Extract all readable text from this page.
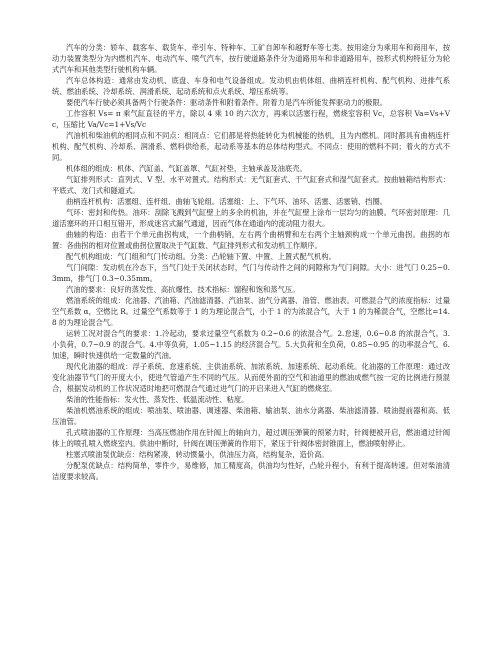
汽车的分类：轿车、载客车、载货车、牵引车、特种车、工矿自卸车和越野车等七类。按用途分为乘用车和商用车，按动力装置类型分为内燃机汽车、电动汽车、喷气汽车，按行驶道路条件分为道路用车和非道路用车，按形式机构特征分为轮式汽车和其他类型行驶机构车辆。

汽车总体构造：通常由发动机、底盘、车身和电气设备组成。发动机由机体组、曲柄连杆机构、配气机构、进排气系统、燃油系统、冷却系统、润滑系统、起动系统和点火系统、增压系统等。

要使汽车行驶必须具备两个行驶条件：驱动条件和附着条件。附着力是汽车所能发挥驱动力的极限。

工作容积 Vs= π 乘气缸直径的平方，除以 4 乘 10 的六次方，再乘以活塞行程，燃烧室容积 Vc，总容积 Va=Vs+Vc，压缩比 Va/Vc=1+Vs/Vc

汽油机和柴油机的相同点和不同点：相同点：它们都是将热能转化为机械能的热机，且为内燃机。同时都具有曲柄连杆机构、配气机构、冷却系、润滑系、燃料供给系，起动系等基本的总体结构型式。不同点：使用的燃料不同；着火的方式不同。

机体组的组成：机体、汽缸盖、气缸盖罩、气缸衬垫，主轴承盖及油底壳。

气缸排列形式：直列式、V 型、水平对置式。结构形式：无气缸套式、干气缸套式和湿气缸套式。按曲轴箱结构形式：平底式、龙门式和隧道式。

曲柄连杆机构：活塞组、连杆组、曲轴飞轮组。活塞组：上、下气环、油环、活塞、活塞销、挡圈。

气环：密封和传热。油环：刮除飞溅到气缸壁上的多余的机油，并在气缸壁上涂布一层均匀的油膜。气环密封原理：几道活塞环的开口相互错开，形成迷宫式漏气通道，因而气体在通道内的流动阻力很大。

曲轴的构造：由若干个单元曲拐构成，一个曲柄销，左右两个曲柄臂和左右两个主轴颈构成一个单元曲拐。曲拐的布置：各曲拐的相对位置或曲拐位置取决于气缸数、气缸排列形式和发动机工作顺序。

配气机构组成：气门组和气门传动组。分类：凸轮轴下置、中置、上置式配气机构。

气门间隙：发动机在冷态下，当气门处于关闭状态时，气门与传动件之间的间隙称为气门间隙。大小：进气门 0.25~0.3mm，排气门 0.3~0.35mm。

汽油的要求：良好的蒸发性、高抗爆性、技术指标：馏程和饱和蒸气压。

燃油系统的组成：化油器、汽油箱、汽油滤清器、汽油泵、油气分离器、油管、燃油表。可燃混合气的浓度指标：过量空气系数 α，空燃比 R。过量空气系数等于 1 的为理论混合气，小于 1 的为浓混合气，大于 1 的为稀混合气，空燃比=14.8 的为理论混合气。

运转工况对混合气的要求：1.冷起动，要求过量空气系数为 0.2~0.6 的浓混合气。2.怠速，0.6~0.8 的浓混合气。3.小负荷，0.7~0.9 的混合气。4.中等负荷，1.05~1.15 的经济混合气。5.大负荷和全负荷，0.85~0.95 的功率混合气。6.加速，瞬时快速供给一定数量的汽油。

现代化油器的组成：浮子系统、怠速系统、主供油系统、加浓系统、加速系统、起动系统。化油器的工作原理：通过改变化油器节气门的开度大小，使进气管道产生不同的气压。从而使外面的空气和油道里的燃油成燃气按一定的比例进行预混合，根据发动机的工作状况适时地把可燃混合气通过进气门的开启来进入气缸的燃烧室。

柴油的性能指标：发火性、蒸发性、低温流动性、粘度。

柴油机燃油系统的组成：喷油泵、喷油器、调速器、柴油箱、输油泵、油水分离器、柴油滤清器、喷油提前器和高、低压油管。

孔式喷油器的工作原理：当高压燃油作用在针阀上的轴向力，超过调压弹簧的预紧力时，针阀便被开启，燃油通过针阀体上的喷孔喷入燃烧室内。供油中断时，针阀在调压弹簧的作用下，紧压于针阀体密封锥面上，燃油喷射停止。

柱塞式喷油泵优缺点：结构紧凑，转动惯量小，供油压力高，结构复杂，造价高。

分配泵优缺点：结构简单，零件少，易维修，加工精度高，供油均匀性好，凸轮升程小，有利于提高转速。但对柴油清洁度要求较高。
